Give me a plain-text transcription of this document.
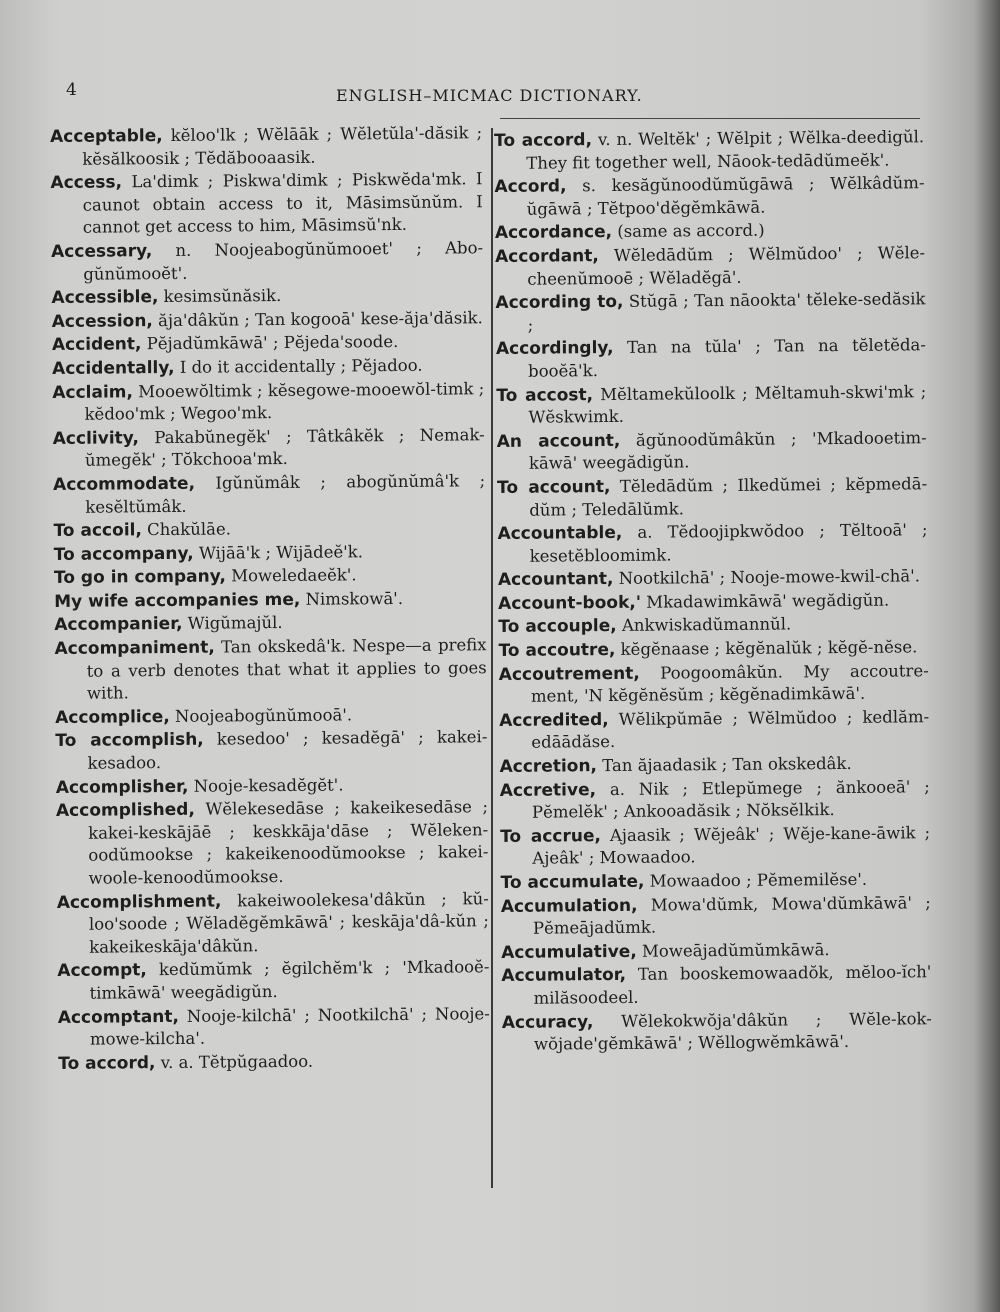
4	ENGLISH–MICMAC DICTIONARY.
Acceptable, kĕloo'lk ; Wĕlāāk ; Wĕletŭla'-dăsik ; kĕsălkoosik ; Tĕdăbooaasik.
Access, La'dimk ; Piskwa'dimk ; Piskwĕda'mk. I caunot obtain access to it, Māsimsŭnŭm. I cannot get access to him, Māsimsŭ'nk.
Accessary, n. Noojeabogŭnŭmooet' ; Abo-gŭnŭmooĕt'.
Accessible, kesimsŭnăsik.
Accession, ăja'dâkŭn ; Tan kogooā' kese-ăja'dăsik.
Accident, Pĕjadŭmkāwā' ; Pĕjeda'soode.
Accidentally, I do it accidentally ; Pĕjadoo.
Acclaim, Mooewŏltimk ; kĕsegowe-mooewŏl-timk ; kĕdoo'mk ; Wegoo'mk.
Acclivity, Pakabŭnegĕk' ; Tâtkâkĕk ; Nemak-ŭmegĕk' ; Tŏkchooa'mk.
Accommodate, Igŭnŭmâk ; abogŭnŭmâ'k ; kesĕltŭmâk.
To accoil, Chakŭlāe.
To accompany, Wijāā'k ; Wijādeĕ'k.
To go in company, Moweledaeĕk'.
My wife accompanies me, Nimskowā'.
Accompanier, Wigŭmajŭl.
Accompaniment, Tan okskedâ'k. Nespe—a prefix to a verb denotes that what it applies to goes with.
Accomplice, Noojeabogŭnŭmooā'.
To accomplish, kesedoo' ; kesadĕgā' ; kakei-kesadoo.
Accomplisher, Nooje-kesadĕgĕt'.
Accomplished, Wĕlekesedāse ; kakeikesedāse ; kakei-keskājāē ; keskkāja'dāse ; Wĕleken-oodŭmookse ; kakeikenoodŭmookse ; kakei-woole-kenoodŭmookse.
Accomplishment, kakeiwoolekesa'dâkŭn ; kŭ-loo'soode ; Wĕladĕgĕmkāwā' ; keskāja'dâ-kŭn ; kakeikeskāja'dâkŭn.
Accompt, kedŭmŭmk ; ĕgilchĕm'k ; 'Mkadooĕ-timkāwā' weegădigŭn.
Accomptant, Nooje-kilchā' ; Nootkilchā' ; Nooje-mowe-kilcha'.
To accord, v. a. Tĕtpŭgaadoo.
To accord, v. n. Weltĕk' ; Wĕlpit ; Wĕlka-deedigŭl. They fit together well, Nāook-tedādŭmeĕk'.
Accord, s. kesăgŭnoodŭmŭgāwā ; Wĕlkâdŭm-ŭgāwā ; Tĕtpoo'dĕgĕmkāwā.
Accordance, (same as accord.)
Accordant, Wĕledādŭm ; Wĕlmŭdoo' ; Wĕle-cheenŭmooē ; Wĕladĕgā'.
According to, Stŭgā ; Tan nāookta' tĕleke-sedăsik ;
Accordingly, Tan na tŭla' ; Tan na tĕletĕda-booĕā'k.
To accost, Mĕltamekŭloolk ; Mĕltamuh-skwi'mk ; Wĕskwimk.
An account, ăgŭnoodŭmâkŭn ; 'Mkadooetim-kāwā' weegădigŭn.
To account, Tĕledādŭm ; Ilkedŭmei ; kĕpmedā-dŭm ; Teledālŭmk.
Accountable, a. Tĕdoojipkwŏdoo ; Tĕltooā' ; kesetĕbloomimk.
Accountant, Nootkilchā' ; Nooje-mowe-kwil-chā'.
Account-book,' Mkadawimkāwā' wegădigŭn.
To accouple, Ankwiskadŭmannŭl.
To accoutre, kĕgĕnaase ; kĕgĕnalŭk ; kĕgĕ-nĕse.
Accoutrement, Poogoomâkŭn. My accoutre-ment, 'N kĕgĕnĕsŭm ; kĕgĕnadimkāwā'.
Accredited, Wĕlikpŭmāe ; Wĕlmŭdoo ; kedlăm-edāādăse.
Accretion, Tan ăjaadasik ; Tan okskedâk.
Accretive, a. Nik ; Etlepŭmege ; ănkooeā' ; Pĕmelĕk' ; Ankooadăsik ; Nŏksĕlkik.
To accrue, Ajaasik ; Wĕjeâk' ; Wĕje-kane-āwik ; Ajeâk' ; Mowaadoo.
To accumulate, Mowaadoo ; Pĕmemilĕse'.
Accumulation, Mowa'dŭmk, Mowa'dŭmkāwā' ; Pĕmeājadŭmk.
Accumulative, Moweājadŭmŭmkāwā.
Accumulator, Tan booskemowaadŏk, mĕloo-ĭch' milăsoodeel.
Accuracy, Wĕlekokwŏja'dâkŭn ; Wĕle-kok-wŏjade'gĕmkāwā' ; Wĕllogwĕmkāwā'.
